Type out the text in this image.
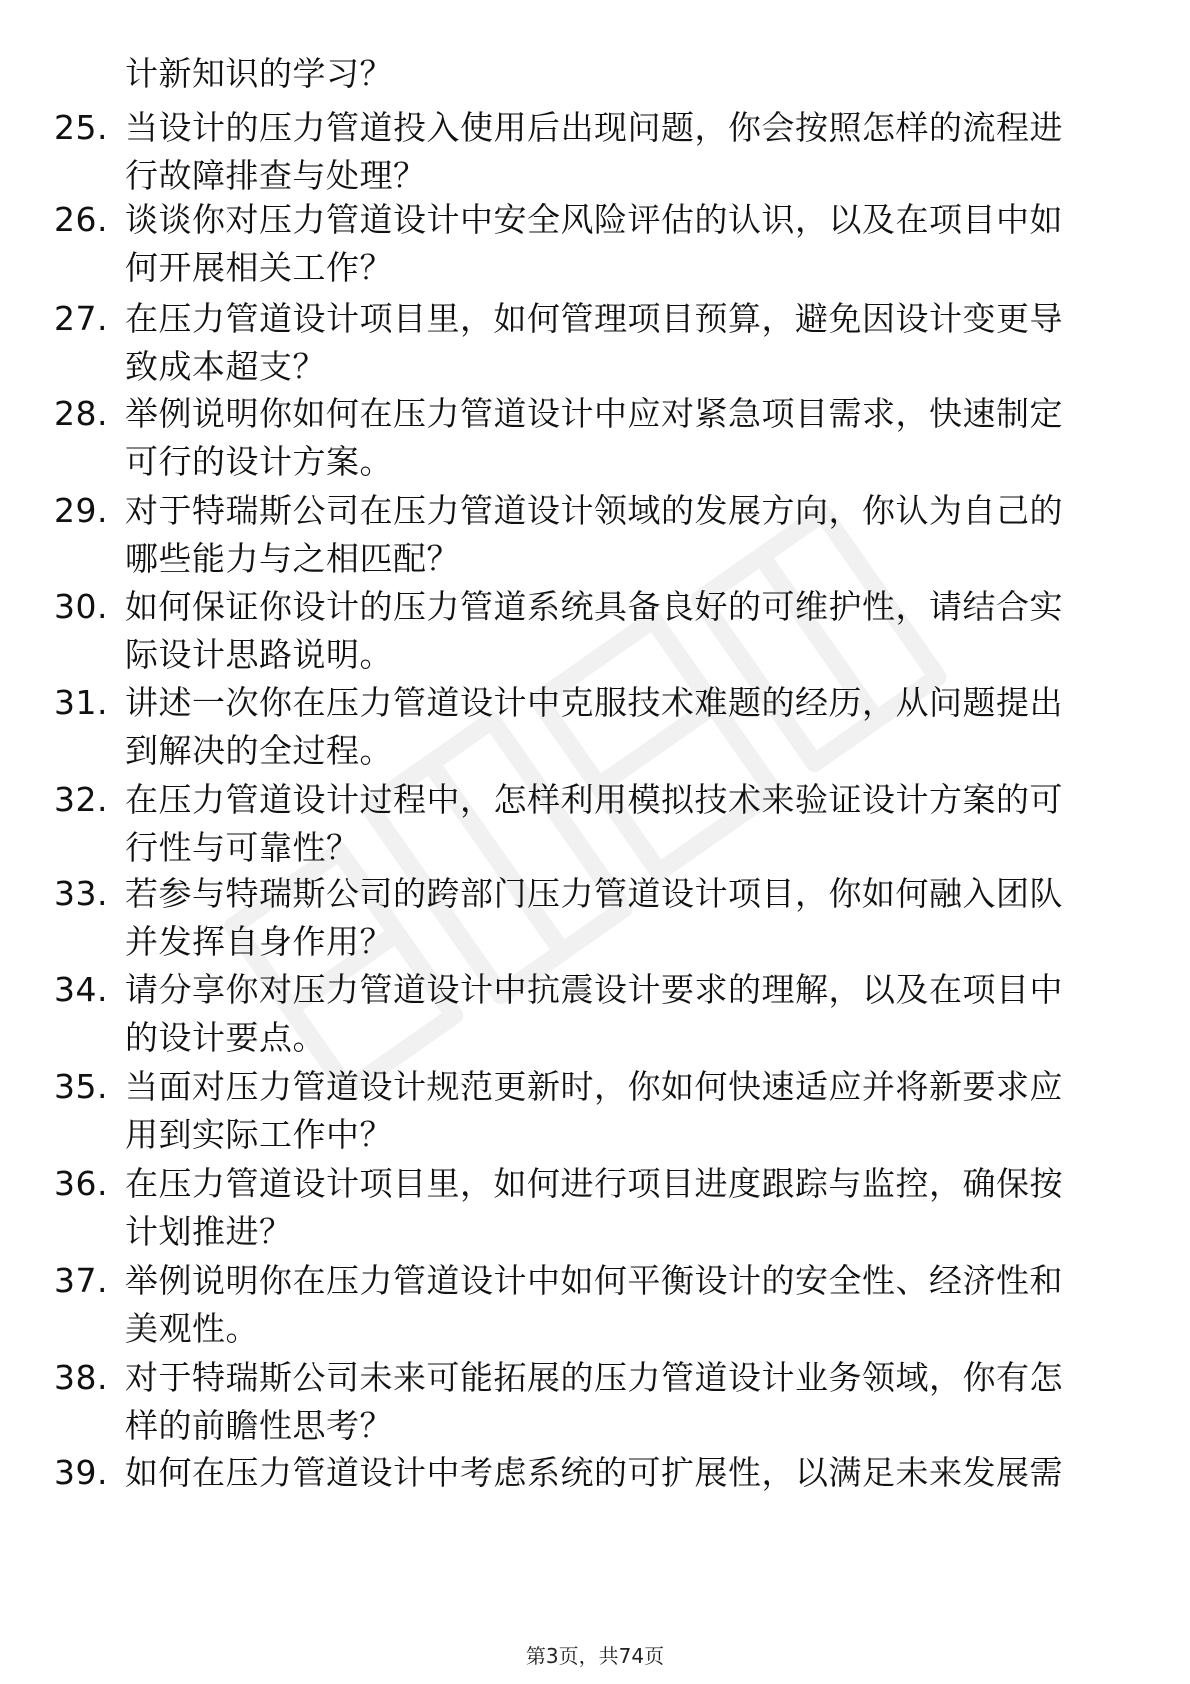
计新知识的学习？
25. 当设计的压力管道投入使用后出现问题，你会按照怎样的流程进
行故障排查与处理？
26. 谈谈你对压力管道设计中安全风险评估的认识，以及在项目中如
何开展相关工作？
27. 在压力管道设计项目里，如何管理项目预算，避免因设计变更导
致成本超支？
28. 举例说明你如何在压力管道设计中应对紧急项目需求，快速制定
可行的设计方案。
29. 对于特瑞斯公司在压力管道设计领域的发展方向，你认为自己的
哪些能力与之相匹配？
30. 如何保证你设计的压力管道系统具备良好的可维护性，请结合实
际设计思路说明。
31. 讲述一次你在压力管道设计中克服技术难题的经历，从问题提出
到解决的全过程。
32. 在压力管道设计过程中，怎样利用模拟技术来验证设计方案的可
行性与可靠性？
33. 若参与特瑞斯公司的跨部门压力管道设计项目，你如何融入团队
并发挥自身作用？
34. 请分享你对压力管道设计中抗震设计要求的理解，以及在项目中
的设计要点。
35. 当面对压力管道设计规范更新时，你如何快速适应并将新要求应
用到实际工作中？
36. 在压力管道设计项目里，如何进行项目进度跟踪与监控，确保按
计划推进？
37. 举例说明你在压力管道设计中如何平衡设计的安全性、经济性和
美观性。
38. 对于特瑞斯公司未来可能拓展的压力管道设计业务领域，你有怎
样的前瞻性思考？
39. 如何在压力管道设计中考虑系统的可扩展性，以满足未来发展需
第3页，共74页
